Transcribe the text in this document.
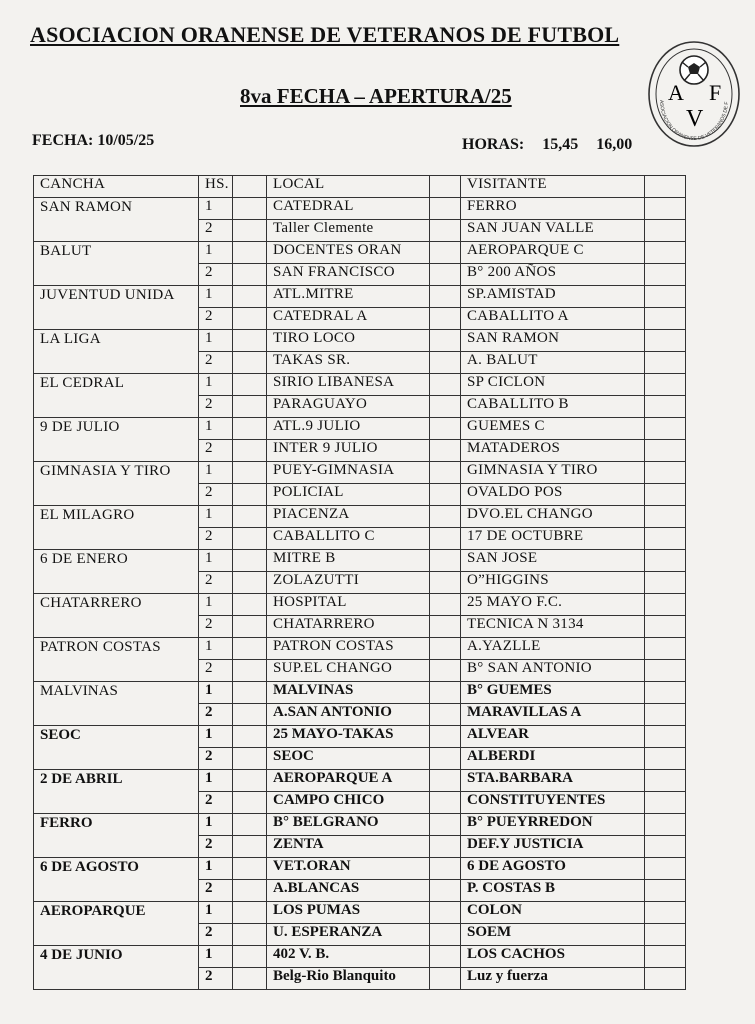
ASOCIACION ORANENSE DE VETERANOS DE FUTBOL
8va FECHA – APERTURA/25	A F
V
ASOCIACION ORANENSE DE VETERANOS DE F
FECHA: 10/05/25	HORAS: 15,45 16,00
CANCHA	HS.		LOCAL		VISITANTE	
SAN RAMON	1		CATEDRAL		FERRO	
	2		Taller Clemente		SAN JUAN VALLE	
BALUT	1		DOCENTES ORAN		AEROPARQUE C	
	2		SAN FRANCISCO		B° 200 AÑOS	
JUVENTUD UNIDA	1		ATL.MITRE		SP.AMISTAD	
	2		CATEDRAL A		CABALLITO A	
LA LIGA	1		TIRO LOCO		SAN RAMON	
	2		TAKAS SR.		A. BALUT	
EL CEDRAL	1		SIRIO LIBANESA		SP CICLON	
	2		PARAGUAYO		CABALLITO B	
9 DE JULIO	1		ATL.9 JULIO		GUEMES C	
	2		INTER 9 JULIO		MATADEROS	
GIMNASIA Y TIRO	1		PUEY-GIMNASIA		GIMNASIA Y TIRO	
	2		POLICIAL		OVALDO POS	
EL MILAGRO	1		PIACENZA		DVO.EL CHANGO	
	2		CABALLITO C		17 DE OCTUBRE	
6 DE ENERO	1		MITRE B		SAN JOSE	
	2		ZOLAZUTTI		O”HIGGINS	
CHATARRERO	1		HOSPITAL		25 MAYO F.C.	
	2		CHATARRERO		TECNICA N 3134	
PATRON COSTAS	1		PATRON COSTAS		A.YAZLLE	
	2		SUP.EL CHANGO		B° SAN ANTONIO	
MALVINAS	1		MALVINAS		B° GUEMES	
	2		A.SAN ANTONIO		MARAVILLAS A	
SEOC	1		25 MAYO-TAKAS		ALVEAR	
	2		SEOC		ALBERDI	
2 DE ABRIL	1		AEROPARQUE A		STA.BARBARA	
	2		CAMPO CHICO		CONSTITUYENTES	
FERRO	1		B° BELGRANO		B° PUEYRREDON	
	2		ZENTA		DEF.Y JUSTICIA	
6 DE AGOSTO	1		VET.ORAN		6 DE AGOSTO	
	2		A.BLANCAS		P. COSTAS B	
AEROPARQUE	1		LOS PUMAS		COLON	
	2		U. ESPERANZA		SOEM	
4 DE JUNIO	1		402 V. B.		LOS CACHOS	
	2		Belg-Rio Blanquito		Luz y fuerza	
